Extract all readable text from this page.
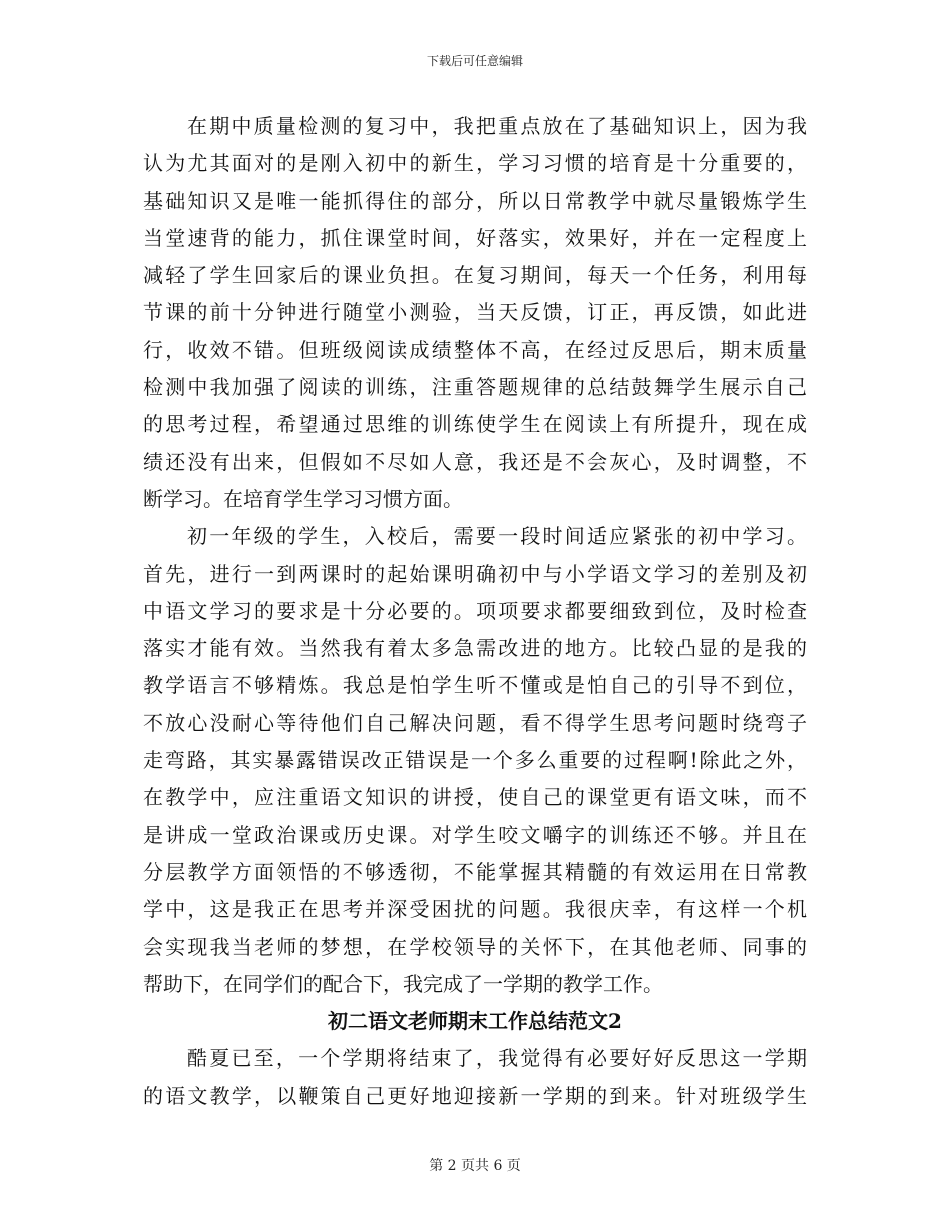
下载后可任意编辑
在期中质量检测的复习中，我把重点放在了基础知识上，因为我
认为尤其面对的是刚入初中的新生，学习习惯的培育是十分重要的，
基础知识又是唯一能抓得住的部分，所以日常教学中就尽量锻炼学生
当堂速背的能力，抓住课堂时间，好落实，效果好，并在一定程度上
减轻了学生回家后的课业负担。在复习期间，每天一个任务，利用每
节课的前十分钟进行随堂小测验，当天反馈，订正，再反馈，如此进
行，收效不错。但班级阅读成绩整体不高，在经过反思后，期末质量
检测中我加强了阅读的训练，注重答题规律的总结鼓舞学生展示自己
的思考过程，希望通过思维的训练使学生在阅读上有所提升，现在成
绩还没有出来，但假如不尽如人意，我还是不会灰心，及时调整，不
断学习。在培育学生学习习惯方面。
初一年级的学生，入校后，需要一段时间适应紧张的初中学习。
首先，进行一到两课时的起始课明确初中与小学语文学习的差别及初
中语文学习的要求是十分必要的。项项要求都要细致到位，及时检查
落实才能有效。当然我有着太多急需改进的地方。比较凸显的是我的
教学语言不够精炼。我总是怕学生听不懂或是怕自己的引导不到位，
不放心没耐心等待他们自己解决问题，看不得学生思考问题时绕弯子
走弯路，其实暴露错误改正错误是一个多么重要的过程啊!除此之外，
在教学中，应注重语文知识的讲授，使自己的课堂更有语文味，而不
是讲成一堂政治课或历史课。对学生咬文嚼字的训练还不够。并且在
分层教学方面领悟的不够透彻，不能掌握其精髓的有效运用在日常教
学中，这是我正在思考并深受困扰的问题。我很庆幸，有这样一个机
会实现我当老师的梦想，在学校领导的关怀下，在其他老师、同事的
帮助下，在同学们的配合下，我完成了一学期的教学工作。
初二语文老师期末工作总结范文2
酷夏已至，一个学期将结束了，我觉得有必要好好反思这一学期
的语文教学，以鞭策自己更好地迎接新一学期的到来。针对班级学生
第 2 页共 6 页
